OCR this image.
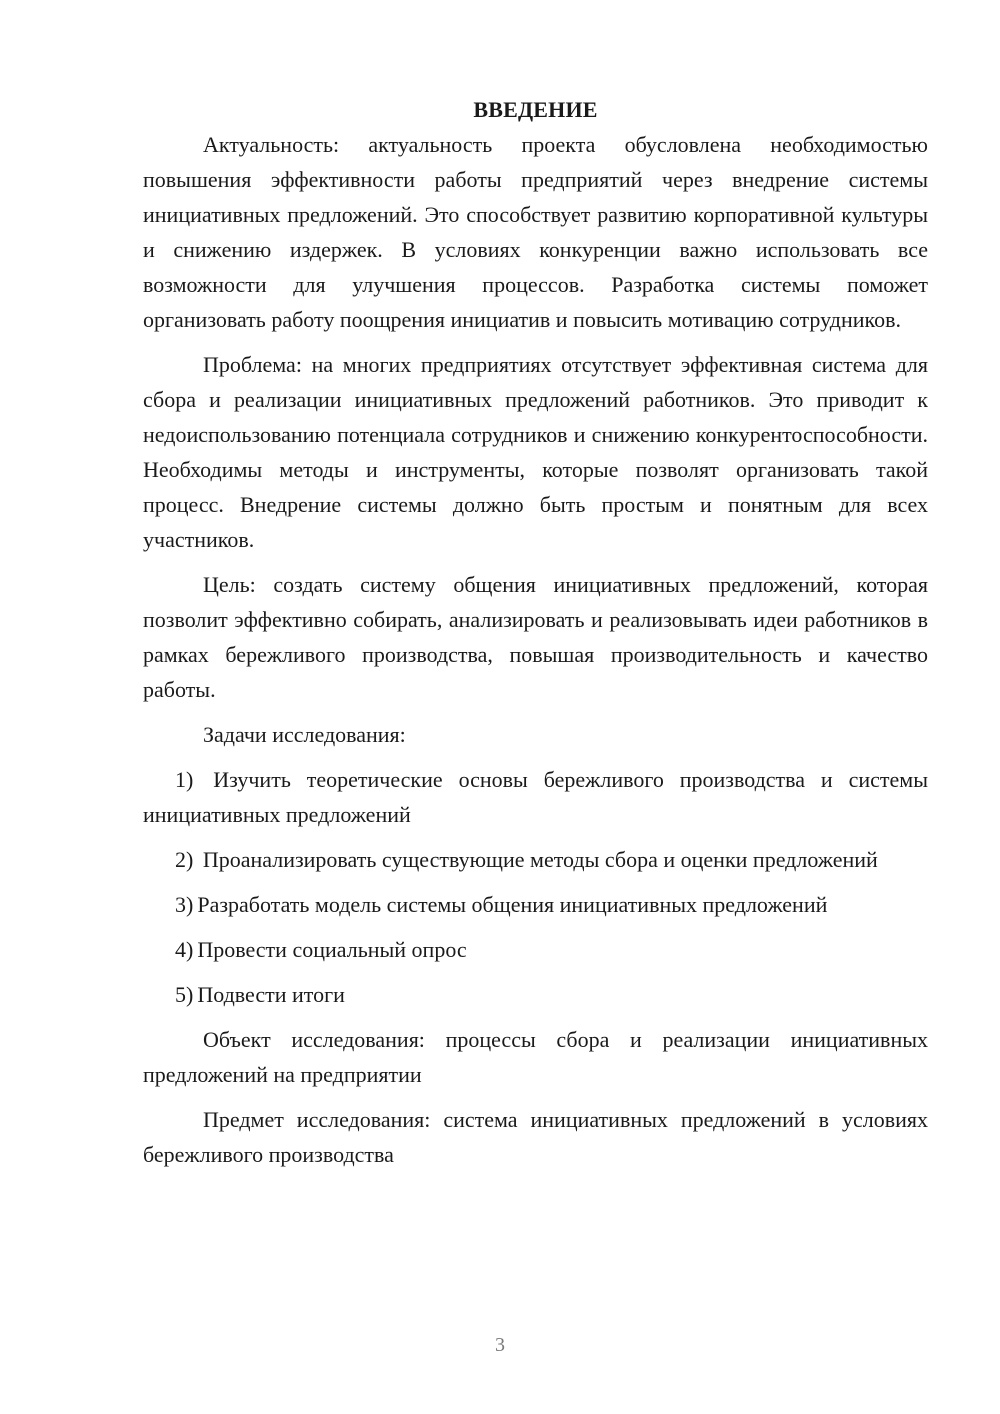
ВВЕДЕНИЕ

Актуальность: актуальность проекта обусловлена необходимостью повышения эффективности работы предприятий через внедрение системы инициативных предложений. Это способствует развитию корпоративной культуры и снижению издержек. В условиях конкуренции важно использовать все возможности для улучшения процессов. Разработка системы поможет организовать работу поощрения инициатив и повысить мотивацию сотрудников.

Проблема: на многих предприятиях отсутствует эффективная система для сбора и реализации инициативных предложений работников. Это приводит к недоиспользованию потенциала сотрудников и снижению конкурентоспособности. Необходимы методы и инструменты, которые позволят организовать такой процесс. Внедрение системы должно быть простым и понятным для всех участников.

Цель: создать систему общения инициативных предложений, которая позволит эффективно собирать, анализировать и реализовывать идеи работников в рамках бережливого производства, повышая производительность и качество работы.

Задачи исследования:

1) Изучить теоретические основы бережливого производства и системы инициативных предложений

2) Проанализировать существующие методы сбора и оценки предложений

3) Разработать модель системы общения инициативных предложений

4) Провести социальный опрос

5) Подвести итоги

Объект исследования: процессы сбора и реализации инициативных предложений на предприятии

Предмет исследования: система инициативных предложений в условиях бережливого производства

3
